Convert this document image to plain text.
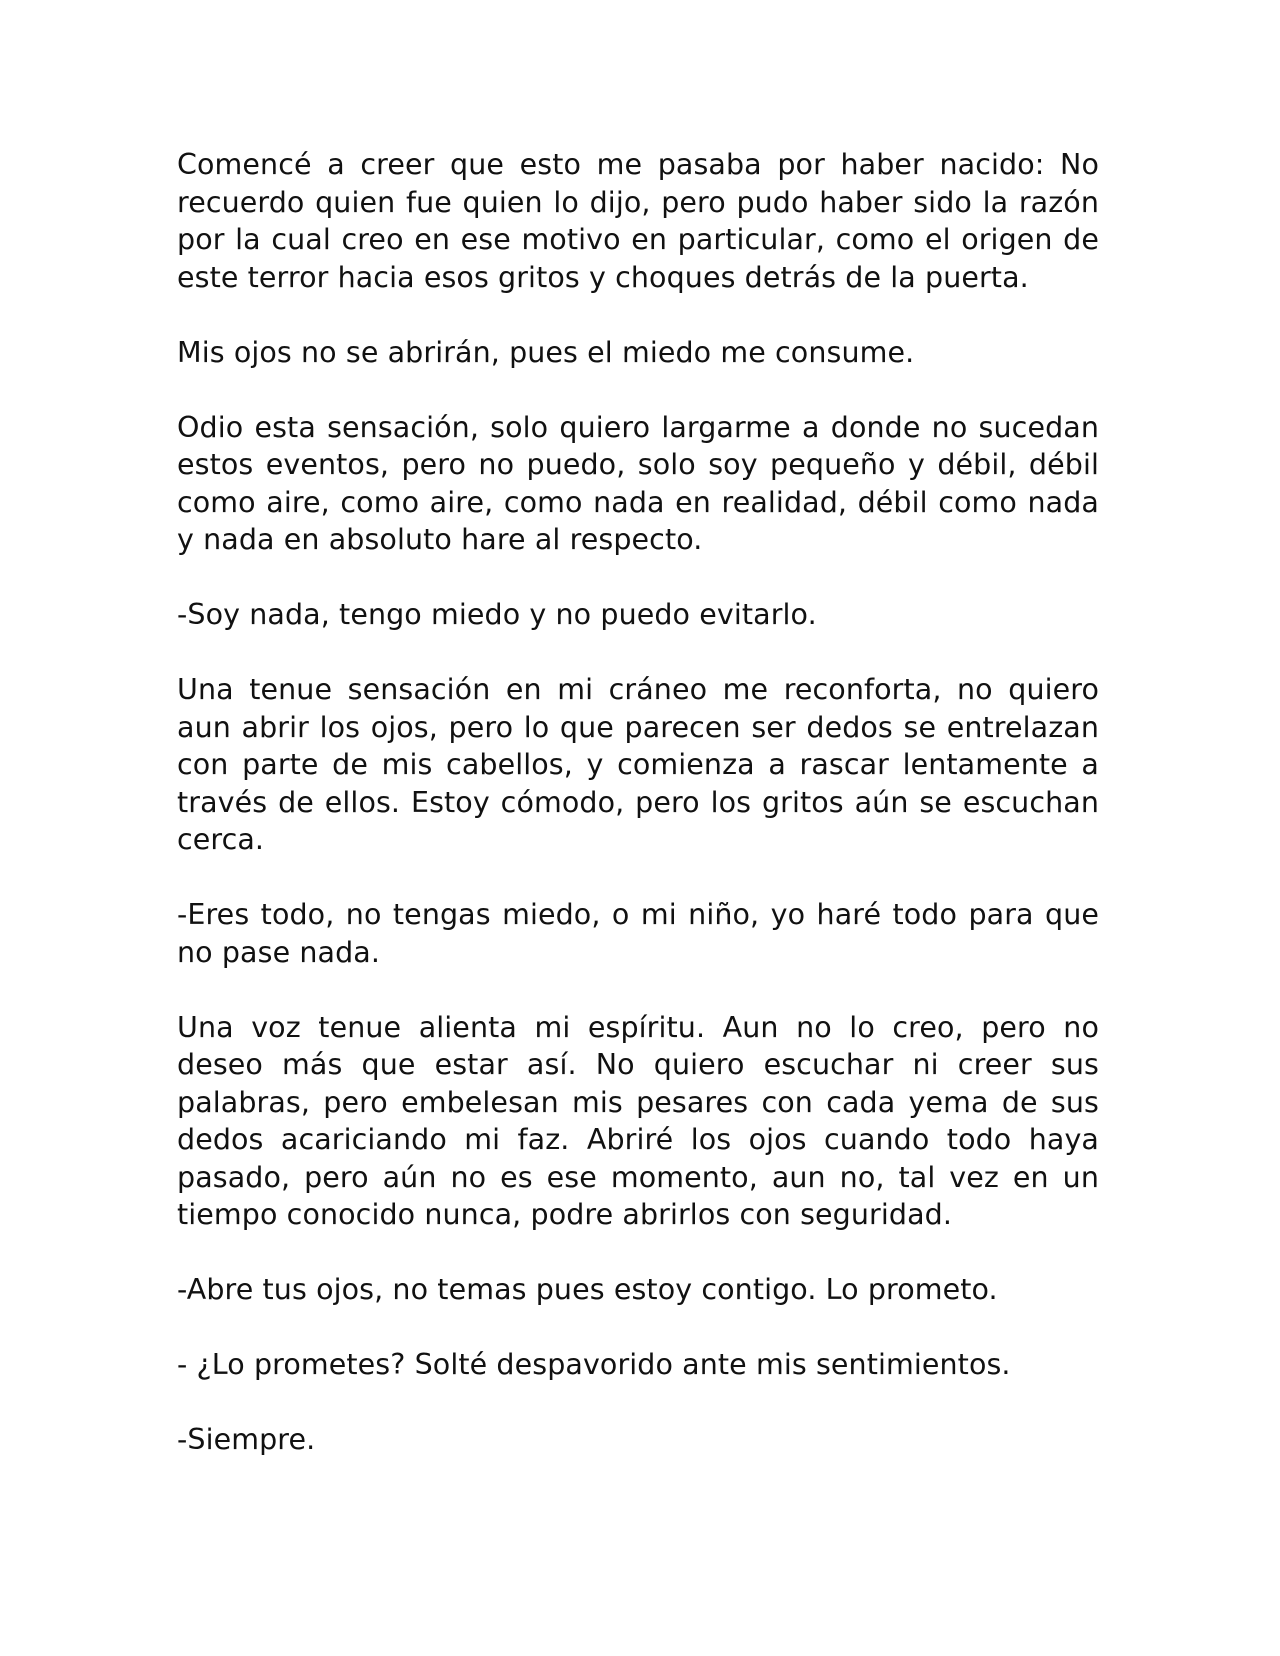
Comencé a creer que esto me pasaba por haber nacido: No recuerdo quien fue quien lo dijo, pero pudo haber sido la razón por la cual creo en ese motivo en particular, como el origen de este terror hacia esos gritos y choques detrás de la puerta.

Mis ojos no se abrirán, pues el miedo me consume.

Odio esta sensación, solo quiero largarme a donde no sucedan estos eventos, pero no puedo, solo soy pequeño y débil, débil como aire, como aire, como nada en realidad, débil como nada y nada en absoluto hare al respecto.

-Soy nada, tengo miedo y no puedo evitarlo.

Una tenue sensación en mi cráneo me reconforta, no quiero aun abrir los ojos, pero lo que parecen ser dedos se entrelazan con parte de mis cabellos, y comienza a rascar lentamente a través de ellos. Estoy cómodo, pero los gritos aún se escuchan cerca.

-Eres todo, no tengas miedo, o mi niño, yo haré todo para que no pase nada.

Una voz tenue alienta mi espíritu. Aun no lo creo, pero no deseo más que estar así. No quiero escuchar ni creer sus palabras, pero embelesan mis pesares con cada yema de sus dedos acariciando mi faz. Abriré los ojos cuando todo haya pasado, pero aún no es ese momento, aun no, tal vez en un tiempo conocido nunca, podre abrirlos con seguridad.

-Abre tus ojos, no temas pues estoy contigo. Lo prometo.

- ¿Lo prometes? Solté despavorido ante mis sentimientos.

-Siempre.
